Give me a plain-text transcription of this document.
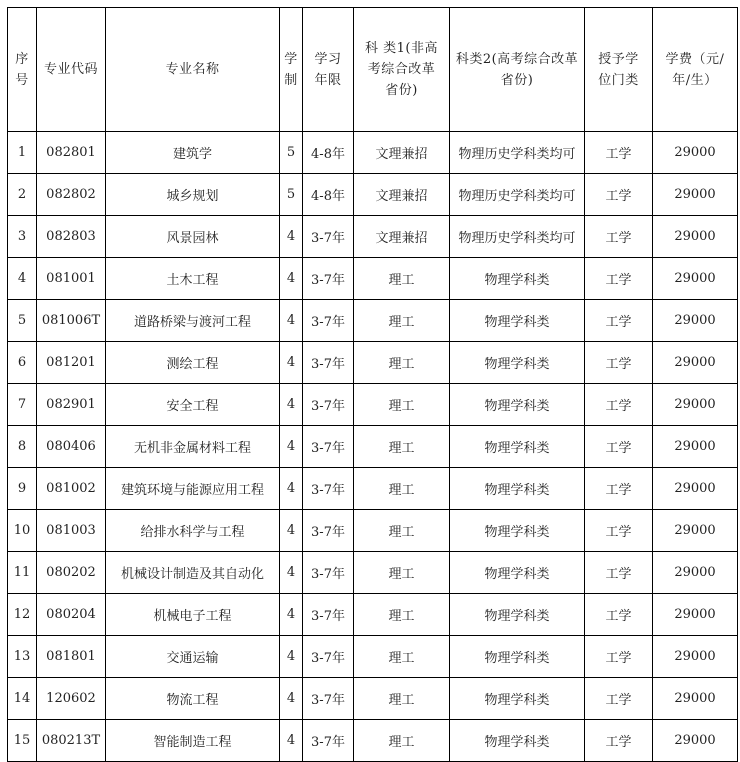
序号	专业代码	专业名称	学制	学习年限	科 类1(非高考综合改革省份)	科类2(高考综合改革省份)	授予学位门类	学费（元/年/生）
1	082801	建筑学	5	4-8年	文理兼招	物理历史学科类均可	工学	29000
2	082802	城乡规划	5	4-8年	文理兼招	物理历史学科类均可	工学	29000
3	082803	风景园林	4	3-7年	文理兼招	物理历史学科类均可	工学	29000
4	081001	土木工程	4	3-7年	理工	物理学科类	工学	29000
5	081006T	道路桥梁与渡河工程	4	3-7年	理工	物理学科类	工学	29000
6	081201	测绘工程	4	3-7年	理工	物理学科类	工学	29000
7	082901	安全工程	4	3-7年	理工	物理学科类	工学	29000
8	080406	无机非金属材料工程	4	3-7年	理工	物理学科类	工学	29000
9	081002	建筑环境与能源应用工程	4	3-7年	理工	物理学科类	工学	29000
10	081003	给排水科学与工程	4	3-7年	理工	物理学科类	工学	29000
11	080202	机械设计制造及其自动化	4	3-7年	理工	物理学科类	工学	29000
12	080204	机械电子工程	4	3-7年	理工	物理学科类	工学	29000
13	081801	交通运输	4	3-7年	理工	物理学科类	工学	29000
14	120602	物流工程	4	3-7年	理工	物理学科类	工学	29000
15	080213T	智能制造工程	4	3-7年	理工	物理学科类	工学	29000
